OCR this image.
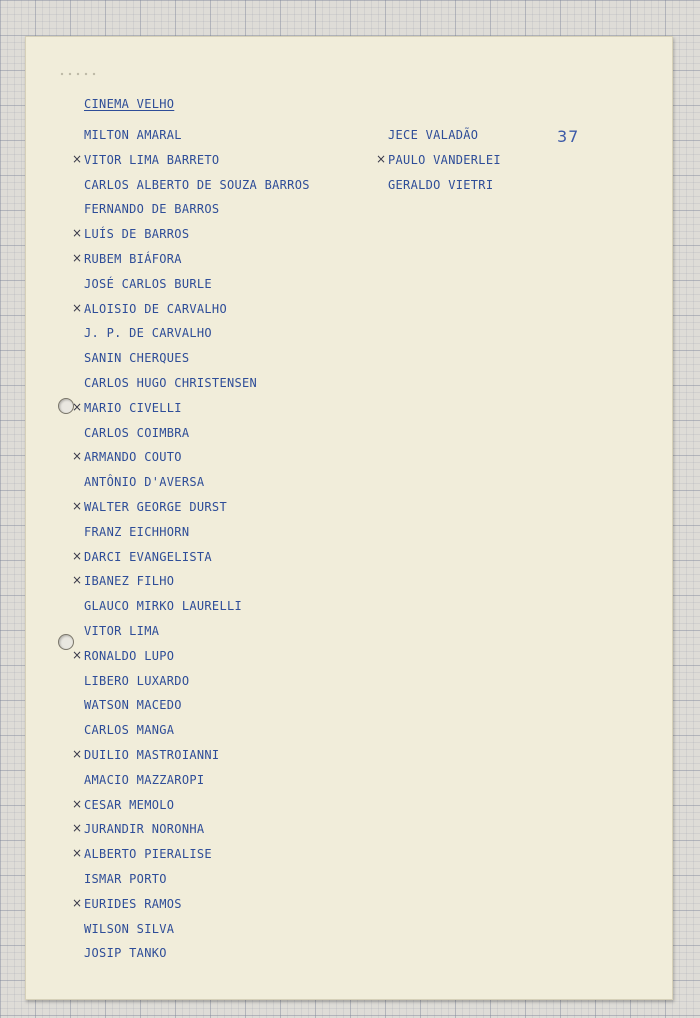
CINEMA VELHO
37
MILTON AMARAL
× VITOR LIMA BARRETO
CARLOS ALBERTO DE SOUZA BARROS
FERNANDO DE BARROS
× LUÍS DE BARROS
× RUBEM BIÁFORA
JOSÉ CARLOS BURLE
× ALOISIO DE CARVALHO
J. P. DE CARVALHO
SANIN CHERQUES
CARLOS HUGO CHRISTENSEN
× MARIO CIVELLI
CARLOS COIMBRA
× ARMANDO COUTO
ANTÔNIO D'AVERSA
× WALTER GEORGE DURST
FRANZ EICHHORN
× DARCI EVANGELISTA
× IBANEZ FILHO
GLAUCO MIRKO LAURELLI
VITOR LIMA
× RONALDO LUPO
LIBERO LUXARDO
WATSON MACEDO
CARLOS MANGA
× DUILIO MASTROIANNI
AMACIO MAZZAROPI
× CESAR MEMOLO
× JURANDIR NORONHA
× ALBERTO PIERALISE
ISMAR PORTO
× EURIDES RAMOS
WILSON SILVA
JOSIP TANKO
JECE VALADÃO
× PAULO VANDERLEI
GERALDO VIETRI
